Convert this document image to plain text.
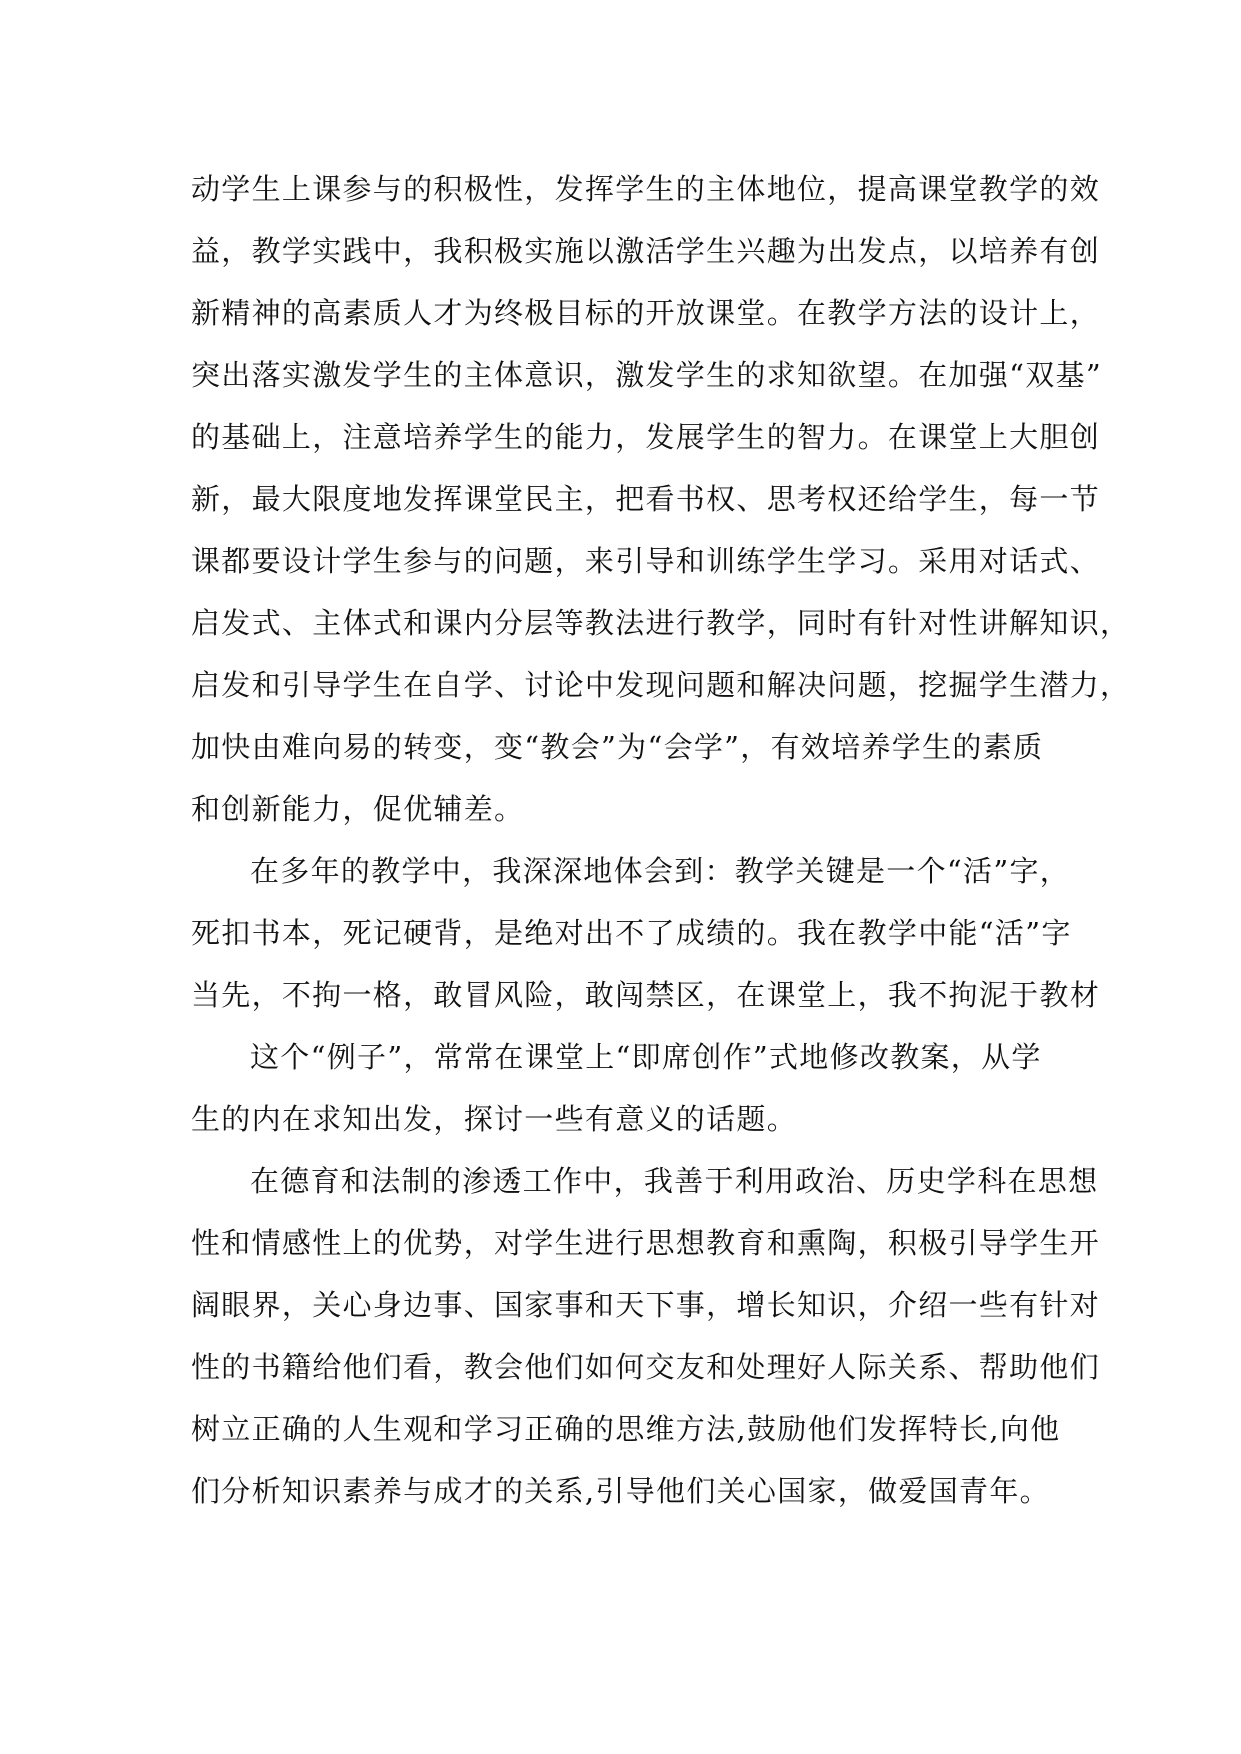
动学生上课参与的积极性，发挥学生的主体地位，提高课堂教学的效
益，教学实践中，我积极实施以激活学生兴趣为出发点，以培养有创
新精神的高素质人才为终极目标的开放课堂。在教学方法的设计上，
突出落实激发学生的主体意识，激发学生的求知欲望。在加强“双基”
的基础上，注意培养学生的能力，发展学生的智力。在课堂上大胆创
新，最大限度地发挥课堂民主，把看书权、思考权还给学生，每一节
课都要设计学生参与的问题，来引导和训练学生学习。采用对话式、
启发式、主体式和课内分层等教法进行教学，同时有针对性讲解知识，
启发和引导学生在自学、讨论中发现问题和解决问题，挖掘学生潜力，
加快由难向易的转变，变“教会”为“会学”，有效培养学生的素质
和创新能力，促优辅差。
在多年的教学中，我深深地体会到：教学关键是一个“活”字，
死扣书本，死记硬背，是绝对出不了成绩的。我在教学中能“活”字
当先，不拘一格，敢冒风险，敢闯禁区，在课堂上，我不拘泥于教材
这个“例子”，常常在课堂上“即席创作”式地修改教案，从学
生的内在求知出发，探讨一些有意义的话题。
在德育和法制的渗透工作中，我善于利用政治、历史学科在思想
性和情感性上的优势，对学生进行思想教育和熏陶，积极引导学生开
阔眼界，关心身边事、国家事和天下事，增长知识，介绍一些有针对
性的书籍给他们看，教会他们如何交友和处理好人际关系、帮助他们
树立正确的人生观和学习正确的思维方法,鼓励他们发挥特长,向他
们分析知识素养与成才的关系,引导他们关心国家，做爱国青年。
